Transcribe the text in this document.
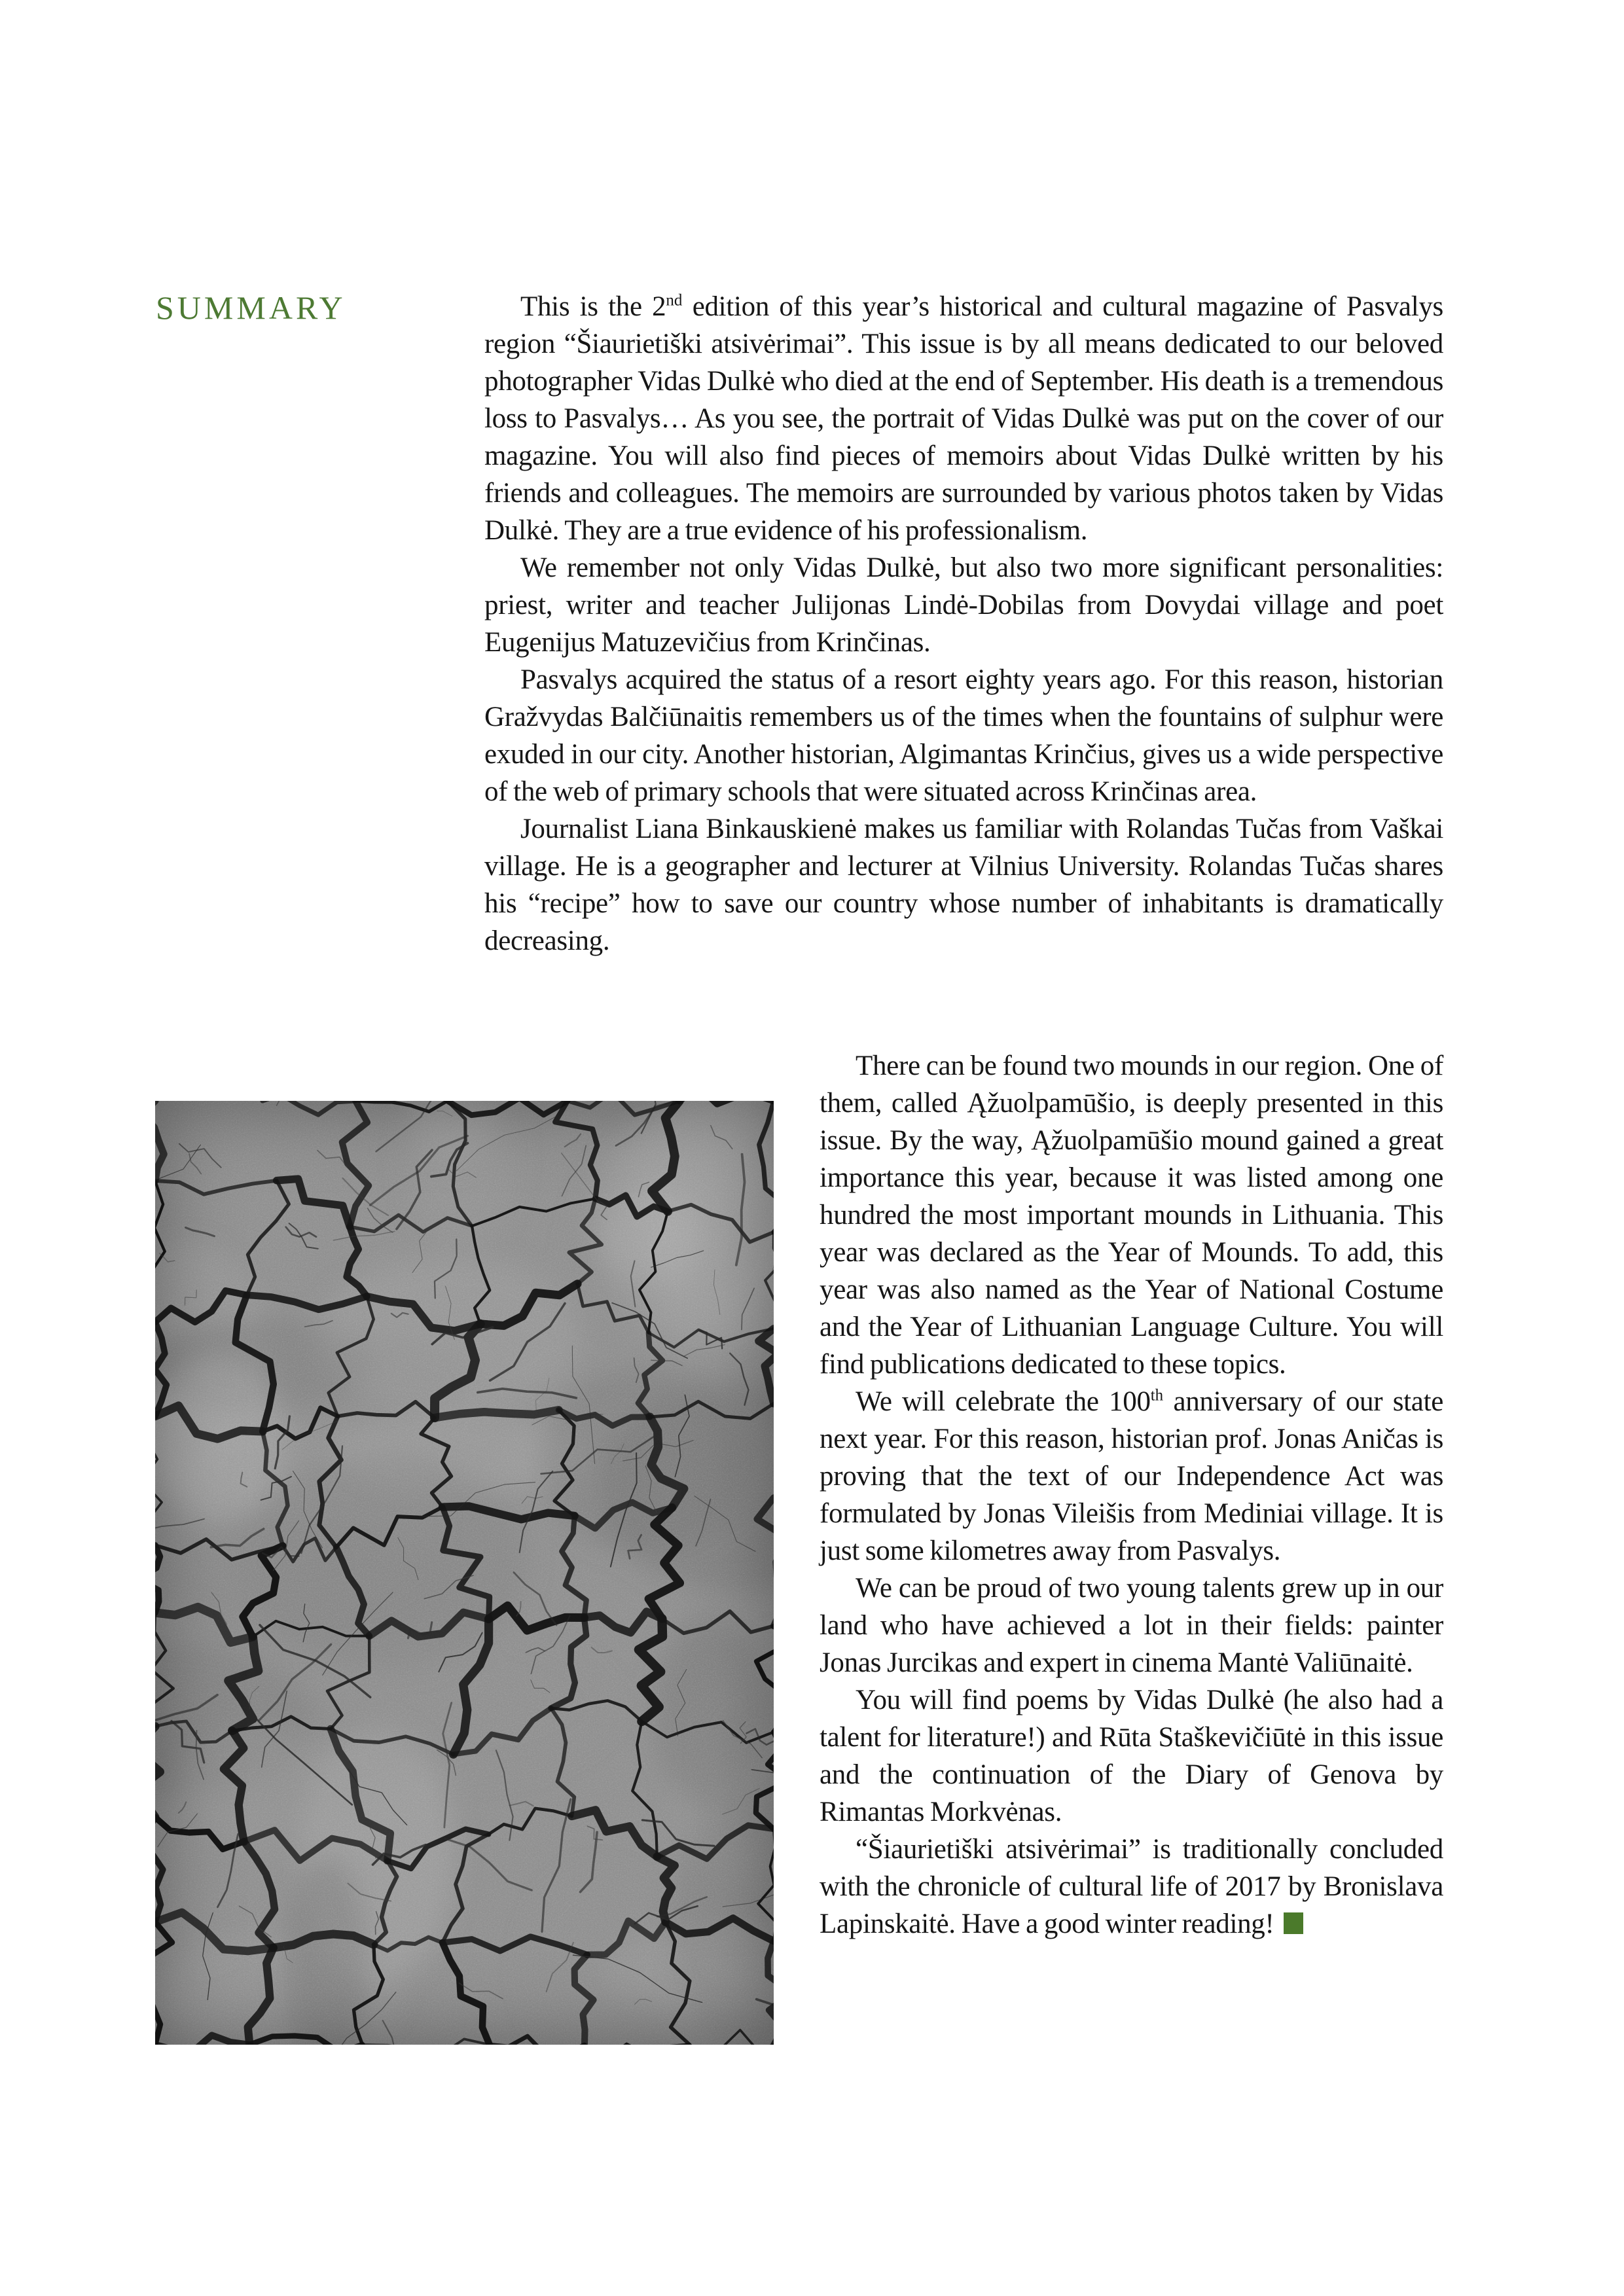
SUMMARY	This is the 2nd edition of this year’s historical and cultural magazine of Pasvalys region “Šiaurietiški atsivėrimai”. This issue is by all means dedicated to our beloved photographer Vidas Dulkė who died at the end of September. His death is a tremendous loss to Pasvalys… As you see, the portrait of Vidas Dulkė was put on the cover of our magazine. You will also find pieces of memoirs about Vidas Dulkė written by his friends and colleagues. The memoirs are surrounded by various photos taken by Vidas Dulkė. They are a true evidence of his professionalism.

We remember not only Vidas Dulkė, but also two more significant personalities: priest, writer and teacher Julijonas Lindė-Dobilas from Dovydai village and poet Eugenijus Matuzevičius from Krinčinas.

Pasvalys acquired the status of a resort eighty years ago. For this reason, historian Gražvydas Balčiūnaitis remembers us of the times when the fountains of sulphur were exuded in our city. Another historian, Algimantas Krinčius, gives us a wide perspective of the web of primary schools that were situated across Krinčinas area.

Journalist Liana Binkauskienė makes us familiar with Rolandas Tučas from Vaškai village. He is a geographer and lecturer at Vilnius University. Rolandas Tučas shares his “recipe” how to save our country whose number of inhabitants is dramatically decreasing.

There can be found two mounds in our region. One of them, called Ąžuolpamūšio, is deeply presented in this issue. By the way, Ąžuolpamūšio mound gained a great importance this year, because it was listed among one hundred the most important mounds in Lithuania. This year was declared as the Year of Mounds. To add, this year was also named as the Year of National Costume and the Year of Lithuanian Language Culture. You will find publications dedicated to these topics.

We will celebrate the 100th anniversary of our state next year. For this reason, historian prof. Jonas Aničas is proving that the text of our Independence Act was formulated by Jonas Vileišis from Mediniai village. It is just some kilometres away from Pasvalys.

We can be proud of two young talents grew up in our land who have achieved a lot in their fields: painter Jonas Jurcikas and expert in cinema Mantė Valiūnaitė.

You will find poems by Vidas Dulkė (he also had a talent for literature!) and Rūta Staškevičiūtė in this issue and the continuation of the Diary of Genova by Rimantas Morkvėnas.

“Šiaurietiški atsivėrimai” is traditionally concluded with the chronicle of cultural life of 2017 by Bronislava Lapinskaitė. Have a good winter reading!
